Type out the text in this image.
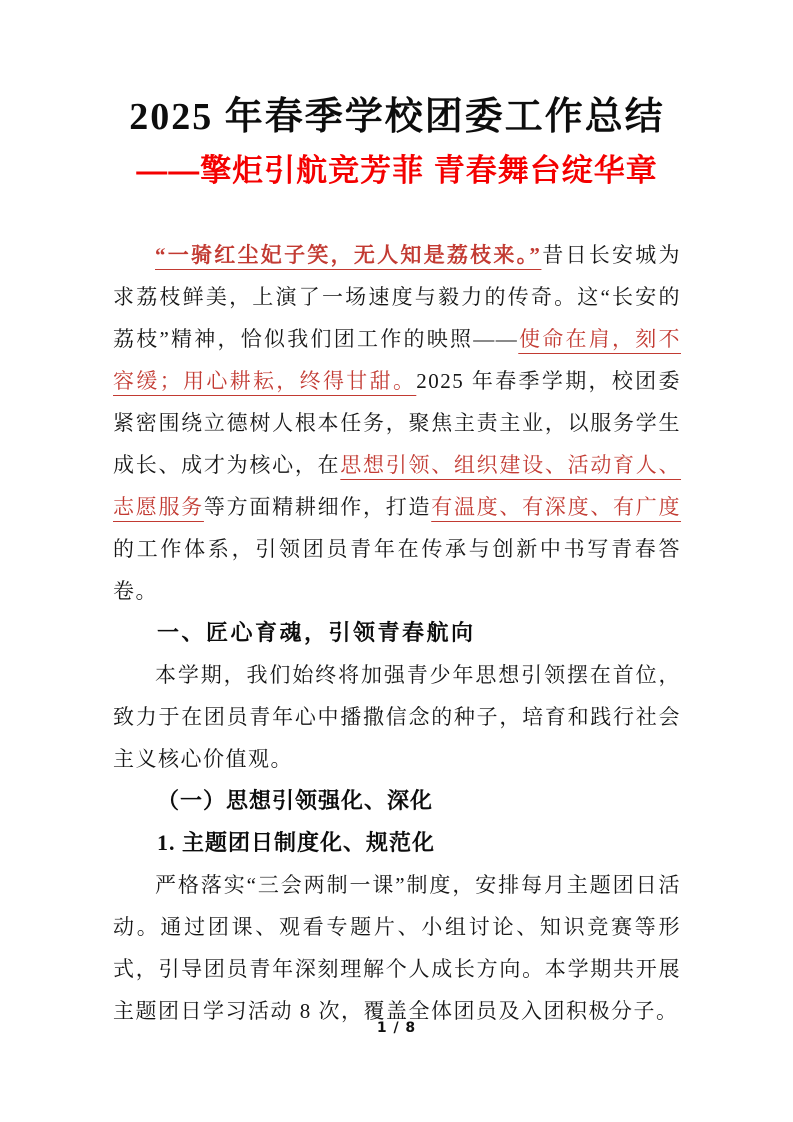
2025 年春季学校团委工作总结
——擎炬引航竞芳菲 青春舞台绽华章

“一骑红尘妃子笑，无人知是荔枝来。”昔日长安城为求荔枝鲜美，上演了一场速度与毅力的传奇。这“长安的荔枝”精神，恰似我们团工作的映照——使命在肩，刻不容缓；用心耕耘，终得甘甜。2025 年春季学期，校团委紧密围绕立德树人根本任务，聚焦主责主业，以服务学生成长、成才为核心，在思想引领、组织建设、活动育人、志愿服务等方面精耕细作，打造有温度、有深度、有广度的工作体系，引领团员青年在传承与创新中书写青春答卷。

一、匠心育魂，引领青春航向

本学期，我们始终将加强青少年思想引领摆在首位，致力于在团员青年心中播撒信念的种子，培育和践行社会主义核心价值观。

（一）思想引领强化、深化
1. 主题团日制度化、规范化

严格落实“三会两制一课”制度，安排每月主题团日活动。通过团课、观看专题片、小组讨论、知识竞赛等形式，引导团员青年深刻理解个人成长方向。本学期共开展主题团日学习活动 8 次，覆盖全体团员及入团积极分子。

1 / 8
